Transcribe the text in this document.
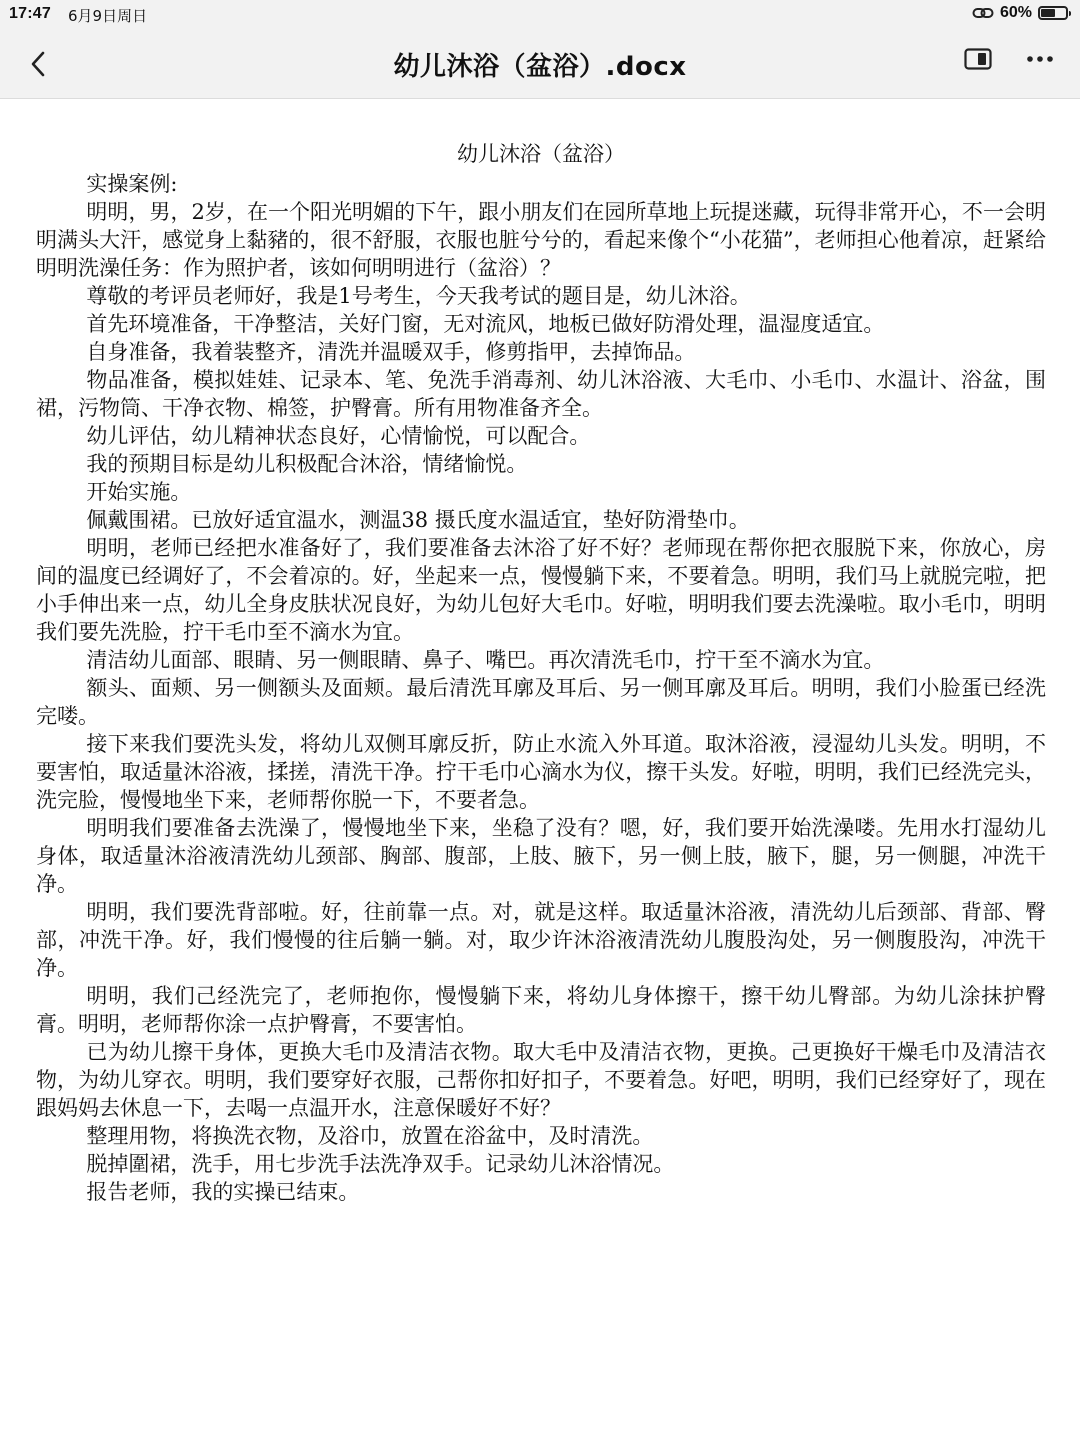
17:47 6月9日周日	60%
幼儿沐浴（盆浴）.docx
幼儿沐浴（盆浴）

实操案例:

明明，男，2岁，在一个阳光明媚的下午，跟小朋友们在园所草地上玩提迷藏，玩得非常开心，不一会明明满头大汗，感觉身上黏豬的，很不舒服，衣服也脏兮兮的，看起来像个“小花猫”，老师担心他着凉，赶紧给明明洗澡任务：作为照护者，该如何明明进行（盆浴）？

尊敬的考评员老师好，我是1号考生，今天我考试的题目是，幼儿沐浴。

首先环境准备，干净整洁，关好门窗，无对流风，地板已做好防滑处理，温湿度适宜。

自身准备，我着装整齐，清洗并温暖双手，修剪指甲，去掉饰品。

物品准备，模拟娃娃、记录本、笔、免洗手消毒剂、幼儿沐浴液、大毛巾、小毛巾、水温计、浴盆，围裙，污物筒、干净衣物、棉签，护臀膏。所有用物准备齐全。

幼儿评估，幼儿精神状态良好，心情愉悦，可以配合。

我的预期目标是幼儿积极配合沐浴，情绪愉悦。

开始实施。

佩戴围裙。已放好适宜温水，测温38 摄氏度水温适宜，垫好防滑垫巾。

明明，老师已经把水准备好了，我们要准备去沐浴了好不好？老师现在帮你把衣服脱下来，你放心，房间的温度已经调好了，不会着凉的。好，坐起来一点，慢慢躺下来，不要着急。明明，我们马上就脱完啦，把小手伸出来一点，幼儿全身皮肤状况良好，为幼儿包好大毛巾。好啦，明明我们要去洗澡啦。取小毛巾，明明我们要先洗脸，拧干毛巾至不滴水为宜。

清洁幼儿面部、眼睛、另一侧眼睛、鼻子、嘴巴。再次清洗毛巾，拧干至不滴水为宜。

额头、面颊、另一侧额头及面颊。最后清洗耳廓及耳后、另一侧耳廓及耳后。明明，我们小脸蛋已经洗完喽。

接下来我们要洗头发，将幼儿双侧耳廓反折，防止水流入外耳道。取沐浴液，浸湿幼儿头发。明明，不要害怕，取适量沐浴液，揉搓，清洗干净。拧干毛巾心滴水为仪，擦干头发。好啦，明明，我们已经洗完头，洗完脸，慢慢地坐下来，老师帮你脱一下，不要者急。

明明我们要准备去洗澡了，慢慢地坐下来，坐稳了没有？嗯，好，我们要开始洗澡喽。先用水打湿幼儿身体，取适量沐浴液清洗幼儿颈部、胸部、腹部，上肢、腋下，另一侧上肢，腋下，腿，另一侧腿，冲洗干净。

明明，我们要洗背部啦。好，往前靠一点。对，就是这样。取适量沐浴液，清洗幼儿后颈部、背部、臀部，冲洗干净。好，我们慢慢的往后躺一躺。对，取少许沐浴液清洗幼儿腹股沟处，另一侧腹股沟，冲洗干净。

明明，我们己经洗完了，老师抱你，慢慢躺下来，将幼儿身体擦干，擦干幼儿臀部。为幼儿涂抹护臀膏。明明，老师帮你涂一点护臀膏，不要害怕。

已为幼儿擦干身体，更换大毛巾及清洁衣物。取大毛中及清洁衣物，更换。己更换好干燥毛巾及清洁衣物，为幼儿穿衣。明明，我们要穿好衣服，己帮你扣好扣子，不要着急。好吧，明明，我们已经穿好了，现在跟妈妈去休息一下，去喝一点温开水，注意保暖好不好？

整理用物，将换洗衣物，及浴巾，放置在浴盆中，及时清洗。

脱掉圍裙，洗手，用七步洗手法洗净双手。记录幼儿沐浴情况。

报告老师，我的实操已结束。
